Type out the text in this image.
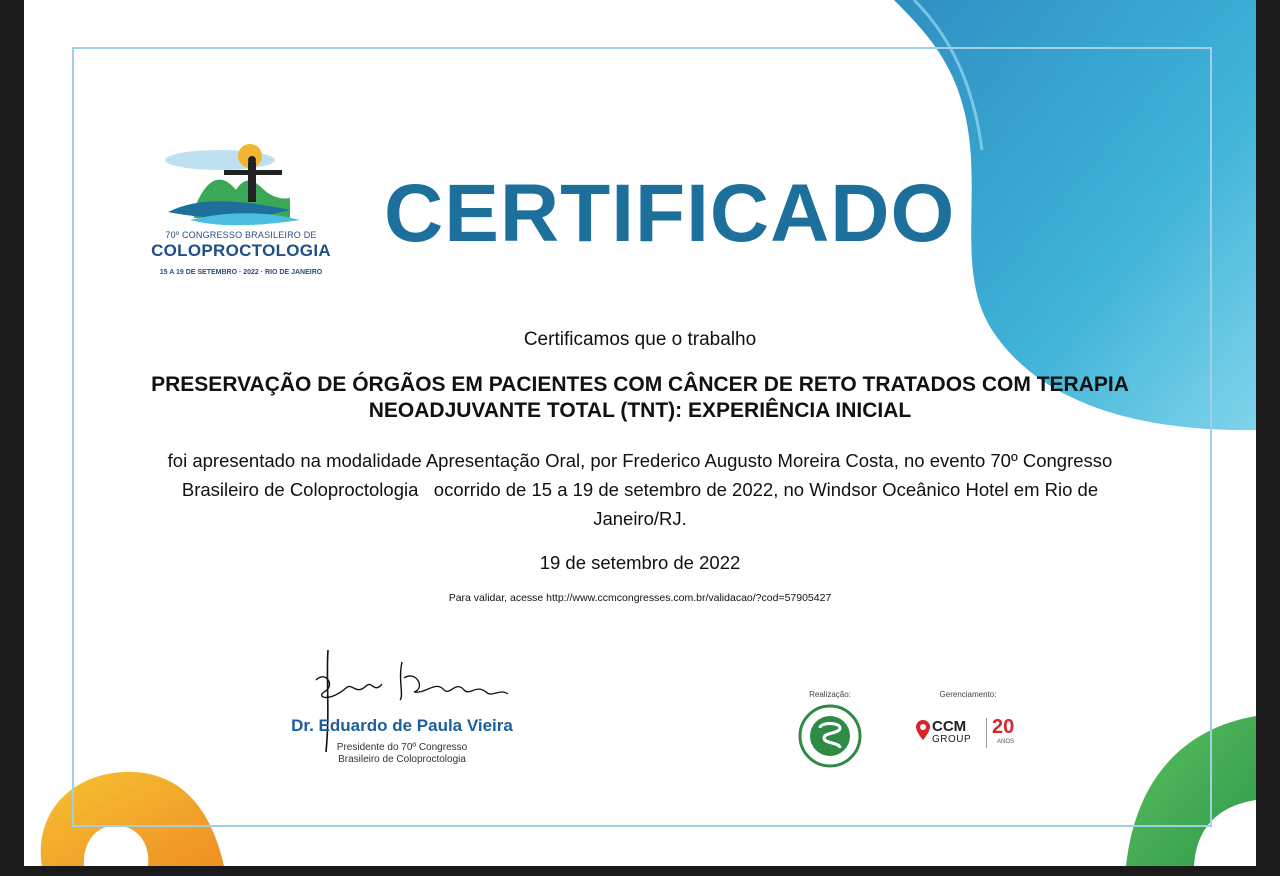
70º CONGRESSO BRASILEIRO DE
COLOPROCTOLOGIA
15 A 19 DE SETEMBRO · 2022 · RIO DE JANEIRO
CERTIFICADO
Certificamos que o trabalho
PRESERVAÇÃO DE ÓRGÃOS EM PACIENTES COM CÂNCER DE RETO TRATADOS COM TERAPIA
NEOADJUVANTE TOTAL (TNT): EXPERIÊNCIA INICIAL
foi apresentado na modalidade Apresentação Oral, por Frederico Augusto Moreira Costa, no evento 70º Congresso
Brasileiro de Coloproctologia   ocorrido de 15 a 19 de setembro de 2022, no Windsor Oceânico Hotel em Rio de
Janeiro/RJ.
19 de setembro de 2022
Para validar, acesse http://www.ccmcongresses.com.br/validacao/?cod=57905427
Dr. Eduardo de Paula Vieira
Presidente do 70º Congresso
Brasileiro de Coloproctologia
Realização:	Gerenciamento:
CCM
GROUP
20
ANOS
